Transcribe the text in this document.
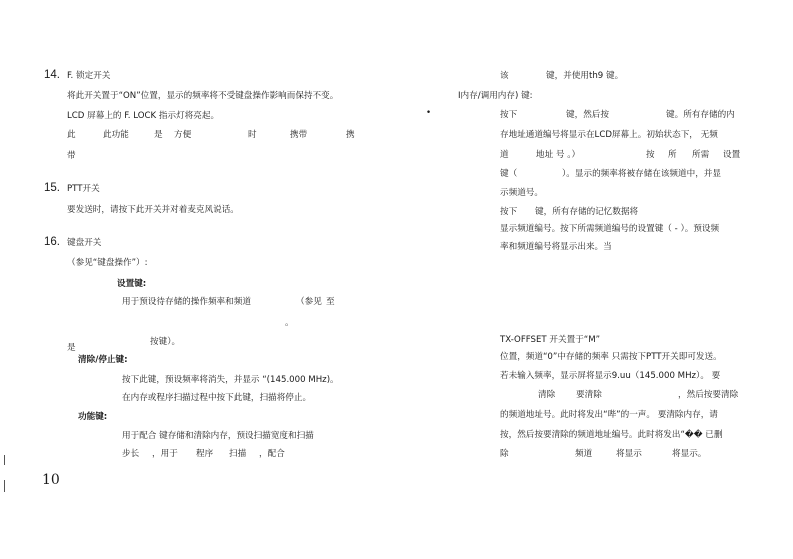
14. F. 锁定开关
将此开关置于“ON”位置，显示的频率将不受键盘操作影响而保持不变。
LCD 屏幕上的 F. LOCK 指示灯将亮起。
此	此功能	是 方便	时	携带	携
带
15. PTT开关
要发送时，请按下此开关并对着麦克风说话。
16. 键盘开关
（参见“键盘操作”）:
设置键:
用于预设待存储的操作频率和频道	（参见 至
。
是
按键）。
清除/停止键:
按下此键，预设频率将消失，并显示 “(145.000 MHz)。
在内存或程序扫描过程中按下此键，扫描将停止。
功能键:
用于配合 键存储和清除内存，预设扫描宽度和扫描
步长 ，用于 程序 扫描 ，配合
10
该	键，并使用th9 键。
I内存/调用内存) 键:
•	按下	键，然后按	键。所有存储的内
存地址通道编号将显示在LCD屏幕上。初始状态下， 无频
道	地址 号 。）	按 所 所需 设置
键（	）。显示的频率将被存储在该频道中，并显
示频道号。
按下 键，所有存储的记忆数据将
显示频道编号。按下所需频道编号的设置键（ - ）。预设频
率和频道编号将显示出来。当
TX-OFFSET 开关置于“M”
位置，频道“0”中存储的频率 只需按下PTT开关即可发送。
若未输入频率，显示屏将显示9.uu（145.000 MHz）。 要
清除 要清除	，然后按要清除
的频道地址号。此时将发出“哔”的一声。 要清除内存，请
按，然后按要清除的频道地址编号。此时将发出“�� 已删
除	频道	将显示	将显示。
